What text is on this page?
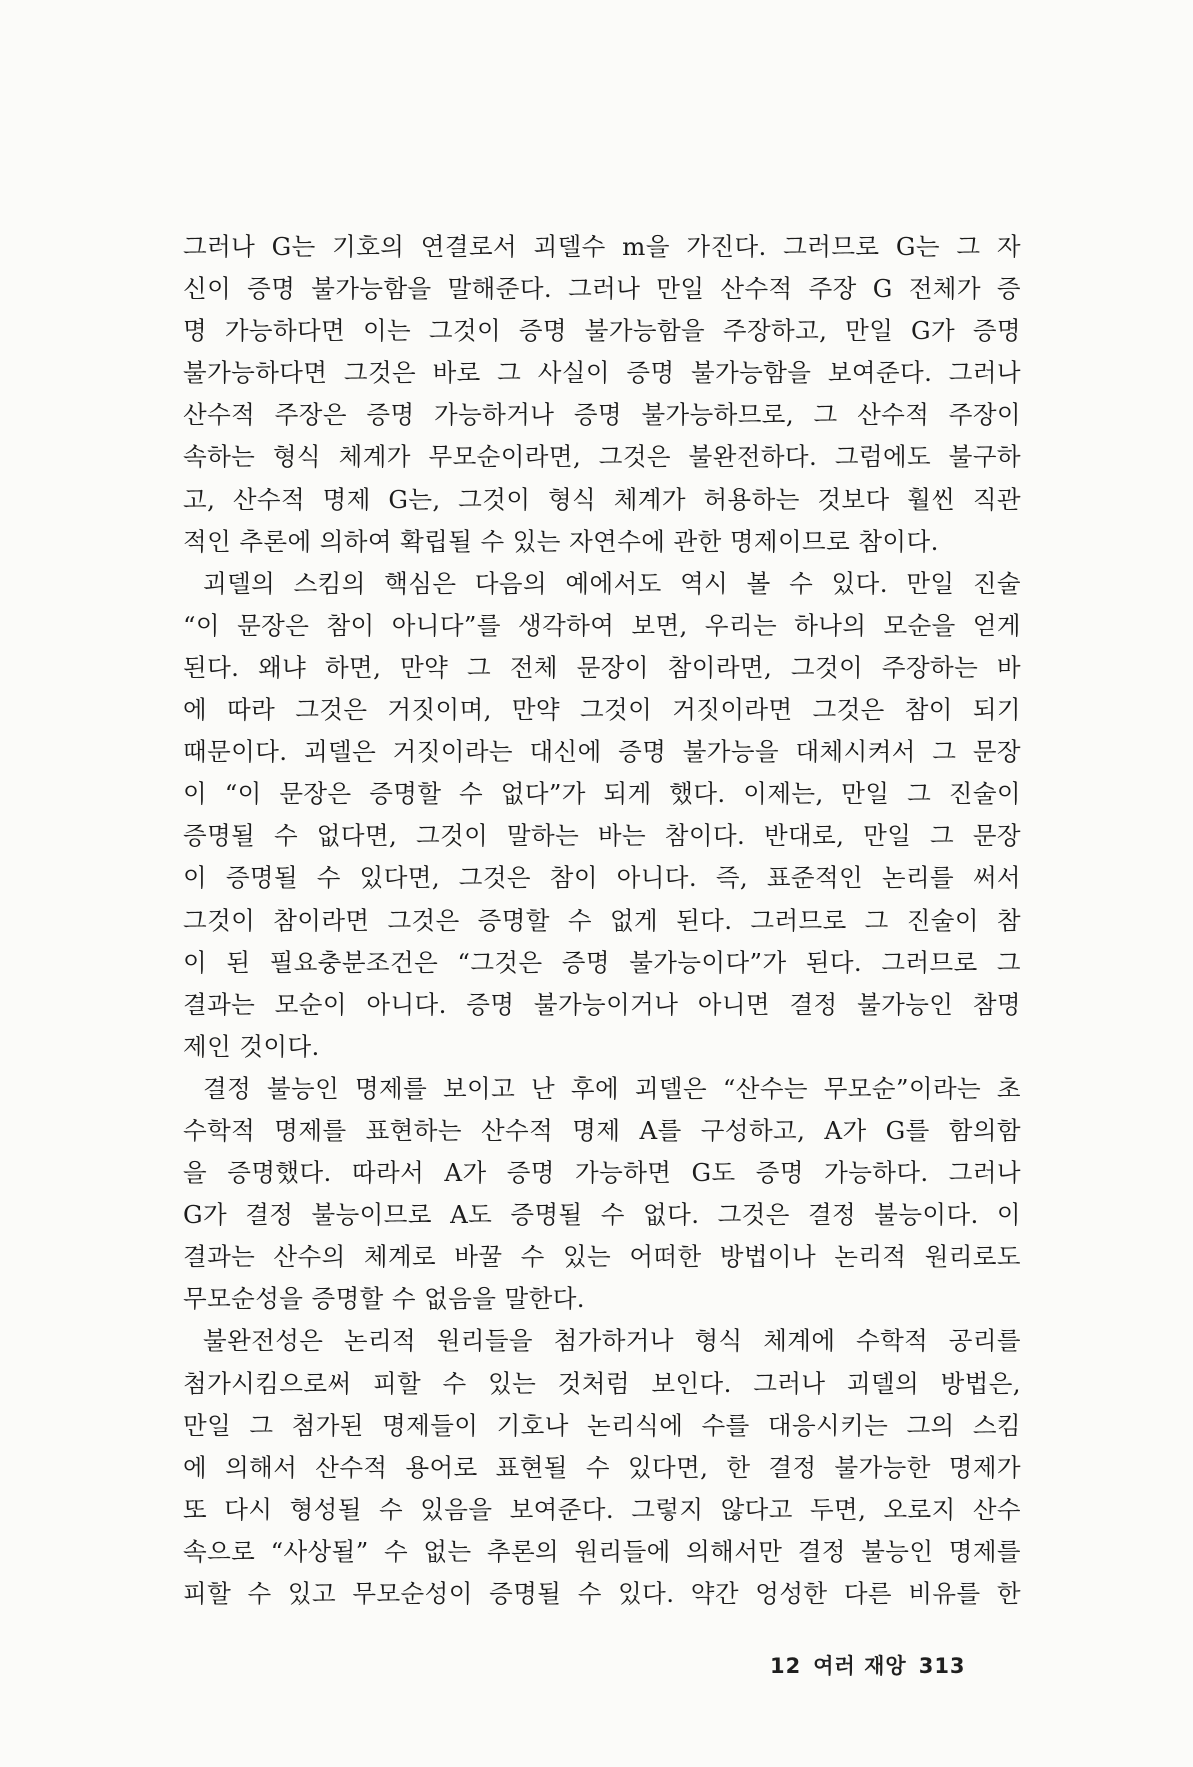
그러나 G는 기호의 연결로서 괴델수 m을 가진다. 그러므로 G는 그 자
신이 증명 불가능함을 말해준다. 그러나 만일 산수적 주장 G 전체가 증
명 가능하다면 이는 그것이 증명 불가능함을 주장하고, 만일 G가 증명
불가능하다면 그것은 바로 그 사실이 증명 불가능함을 보여준다. 그러나
산수적 주장은 증명 가능하거나 증명 불가능하므로, 그 산수적 주장이
속하는 형식 체계가 무모순이라면, 그것은 불완전하다. 그럼에도 불구하
고, 산수적 명제 G는, 그것이 형식 체계가 허용하는 것보다 훨씬 직관
적인 추론에 의하여 확립될 수 있는 자연수에 관한 명제이므로 참이다.
괴델의 스킴의 핵심은 다음의 예에서도 역시 볼 수 있다. 만일 진술
“이 문장은 참이 아니다”를 생각하여 보면, 우리는 하나의 모순을 얻게
된다. 왜냐 하면, 만약 그 전체 문장이 참이라면, 그것이 주장하는 바
에 따라 그것은 거짓이며, 만약 그것이 거짓이라면 그것은 참이 되기
때문이다. 괴델은 거짓이라는 대신에 증명 불가능을 대체시켜서 그 문장
이 “이 문장은 증명할 수 없다”가 되게 했다. 이제는, 만일 그 진술이
증명될 수 없다면, 그것이 말하는 바는 참이다. 반대로, 만일 그 문장
이 증명될 수 있다면, 그것은 참이 아니다. 즉, 표준적인 논리를 써서
그것이 참이라면 그것은 증명할 수 없게 된다. 그러므로 그 진술이 참
이 된 필요충분조건은 “그것은 증명 불가능이다”가 된다. 그러므로 그
결과는 모순이 아니다. 증명 불가능이거나 아니면 결정 불가능인 참명
제인 것이다.
결정 불능인 명제를 보이고 난 후에 괴델은 “산수는 무모순”이라는 초
수학적 명제를 표현하는 산수적 명제 A를 구성하고, A가 G를 함의함
을 증명했다. 따라서 A가 증명 가능하면 G도 증명 가능하다. 그러나
G가 결정 불능이므로 A도 증명될 수 없다. 그것은 결정 불능이다. 이
결과는 산수의 체계로 바꿀 수 있는 어떠한 방법이나 논리적 원리로도
무모순성을 증명할 수 없음을 말한다.
불완전성은 논리적 원리들을 첨가하거나 형식 체계에 수학적 공리를
첨가시킴으로써 피할 수 있는 것처럼 보인다. 그러나 괴델의 방법은,
만일 그 첨가된 명제들이 기호나 논리식에 수를 대응시키는 그의 스킴
에 의해서 산수적 용어로 표현될 수 있다면, 한 결정 불가능한 명제가
또 다시 형성될 수 있음을 보여준다. 그렇지 않다고 두면, 오로지 산수
속으로 “사상될” 수 없는 추론의 원리들에 의해서만 결정 불능인 명제를
피할 수 있고 무모순성이 증명될 수 있다. 약간 엉성한 다른 비유를 한
12 여러 재앙 313
